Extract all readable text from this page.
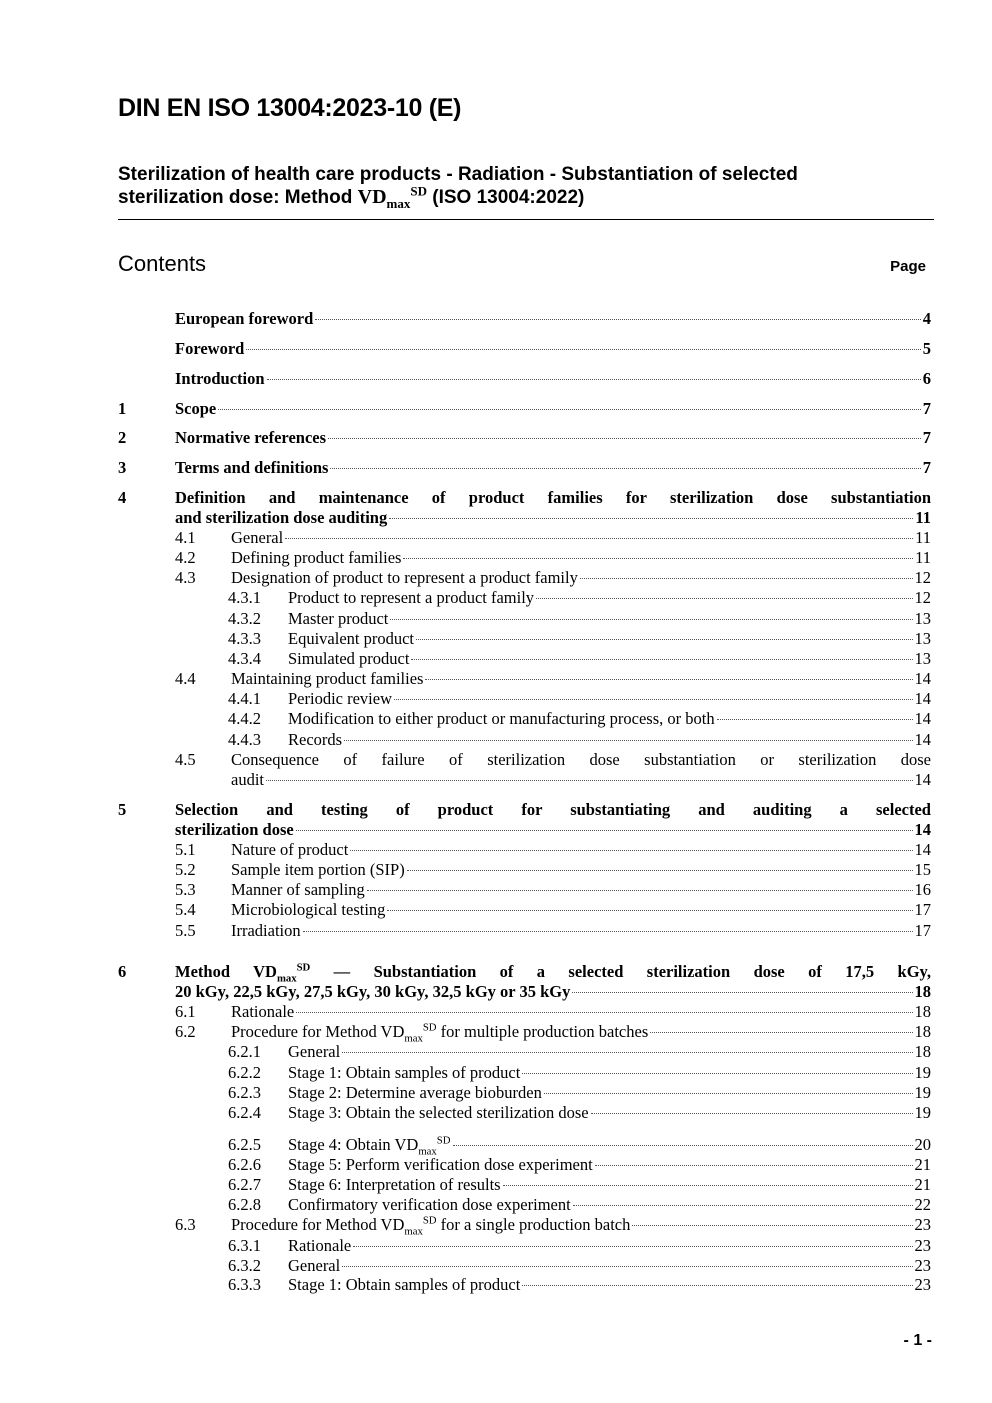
DIN EN ISO 13004:2023-10 (E)
Sterilization of health care products - Radiation - Substantiation of selected
sterilization dose: Method $VD_{max}^{SD}$ (ISO 13004:2022)
Contents	Page
European foreword	4
Foreword	5
Introduction	6
1	Scope	7
2	Normative references	7
3	Terms and definitions	7
4	Definition and maintenance of product families for sterilization dose substantiation
and sterilization dose auditing	11
4.1 General	11
4.2 Defining product families	11
4.3 Designation of product to represent a product family	12
4.3.1 Product to represent a product family	12
4.3.2 Master product	13
4.3.3 Equivalent product	13
4.3.4 Simulated product	13
4.4 Maintaining product families	14
4.4.1 Periodic review	14
4.4.2 Modification to either product or manufacturing process, or both	14
4.4.3 Records	14
4.5 Consequence of failure of sterilization dose substantiation or sterilization dose
audit	14
5	Selection and testing of product for substantiating and auditing a selected
sterilization dose	14
5.1 Nature of product	14
5.2 Sample item portion (SIP)	15
5.3 Manner of sampling	16
5.4 Microbiological testing	17
5.5 Irradiation	17
6	Method $VD_{max}^{SD}$ — Substantiation of a selected sterilization dose of 17,5 kGy,
20 kGy, 22,5 kGy, 27,5 kGy, 30 kGy, 32,5 kGy or 35 kGy	18
6.1 Rationale	18
6.2 Procedure for Method $VD_{max}^{SD}$ for multiple production batches	18
6.2.1 General	18
6.2.2 Stage 1: Obtain samples of product	19
6.2.3 Stage 2: Determine average bioburden	19
6.2.4 Stage 3: Obtain the selected sterilization dose	19
6.2.5 Stage 4: Obtain $VD_{max}^{SD}$	20
6.2.6 Stage 5: Perform verification dose experiment	21
6.2.7 Stage 6: Interpretation of results	21
6.2.8 Confirmatory verification dose experiment	22
6.3 Procedure for Method $VD_{max}^{SD}$ for a single production batch	23
6.3.1 Rationale	23
6.3.2 General	23
6.3.3 Stage 1: Obtain samples of product	23
- 1 -
